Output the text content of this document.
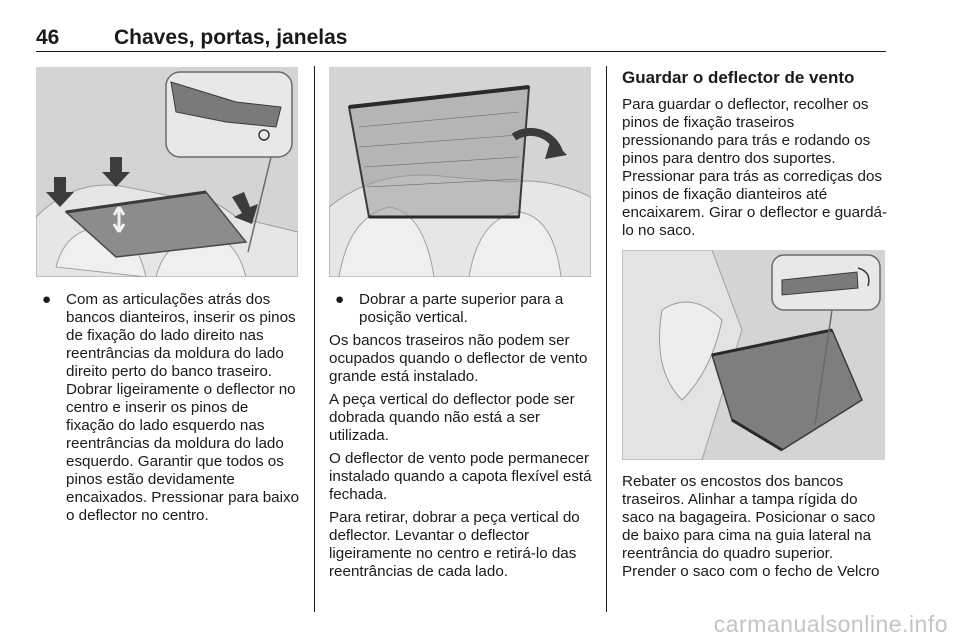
46	Chaves, portas, janelas
● Com as articulações atrás dos bancos dianteiros, inserir os pinos de fixação do lado direito nas reentrâncias da moldura do lado direito perto do banco traseiro. Dobrar ligeiramente o deflector no centro e inserir os pinos de fixação do lado esquerdo nas reentrâncias da moldura do lado esquerdo. Garantir que todos os pinos estão devidamente encaixados. Pressionar para baixo o deflector no centro.
● Dobrar a parte superior para a posição vertical.

Os bancos traseiros não podem ser ocupados quando o deflector de vento grande está instalado.

A peça vertical do deflector pode ser dobrada quando não está a ser utilizada.

O deflector de vento pode permanecer instalado quando a capota flexível está fechada.

Para retirar, dobrar a peça vertical do deflector. Levantar o deflector ligeiramente no centro e retirá-lo das reentrâncias de cada lado.

Guardar o deflector de vento

Para guardar o deflector, recolher os pinos de fixação traseiros pressionando para trás e rodando os pinos para dentro dos suportes. Pressionar para trás as corrediças dos pinos de fixação dianteiros até encaixarem. Girar o deflector e guardá-lo no saco.

Rebater os encostos dos bancos traseiros. Alinhar a tampa rígida do saco na bagageira. Posicionar o saco de baixo para cima na guia lateral na reentrância do quadro superior. Prender o saco com o fecho de Velcro

carmanualsonline.info
